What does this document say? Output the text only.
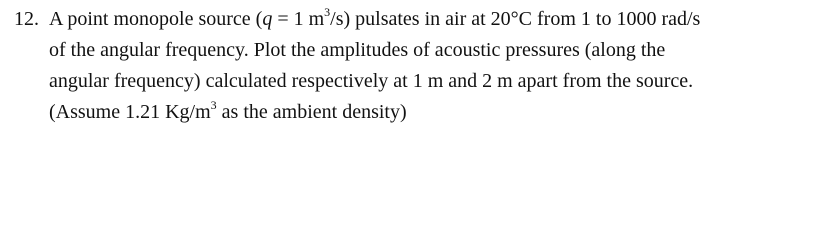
12. A point monopole source (q = 1 $m^3/s$) pulsates in air at 20°C from 1 to 1000 rad/s
of the angular frequency. Plot the amplitudes of acoustic pressures (along the
angular frequency) calculated respectively at 1 m and 2 m apart from the source.
(Assume 1.21 $Kg/m^3$ as the ambient density)
